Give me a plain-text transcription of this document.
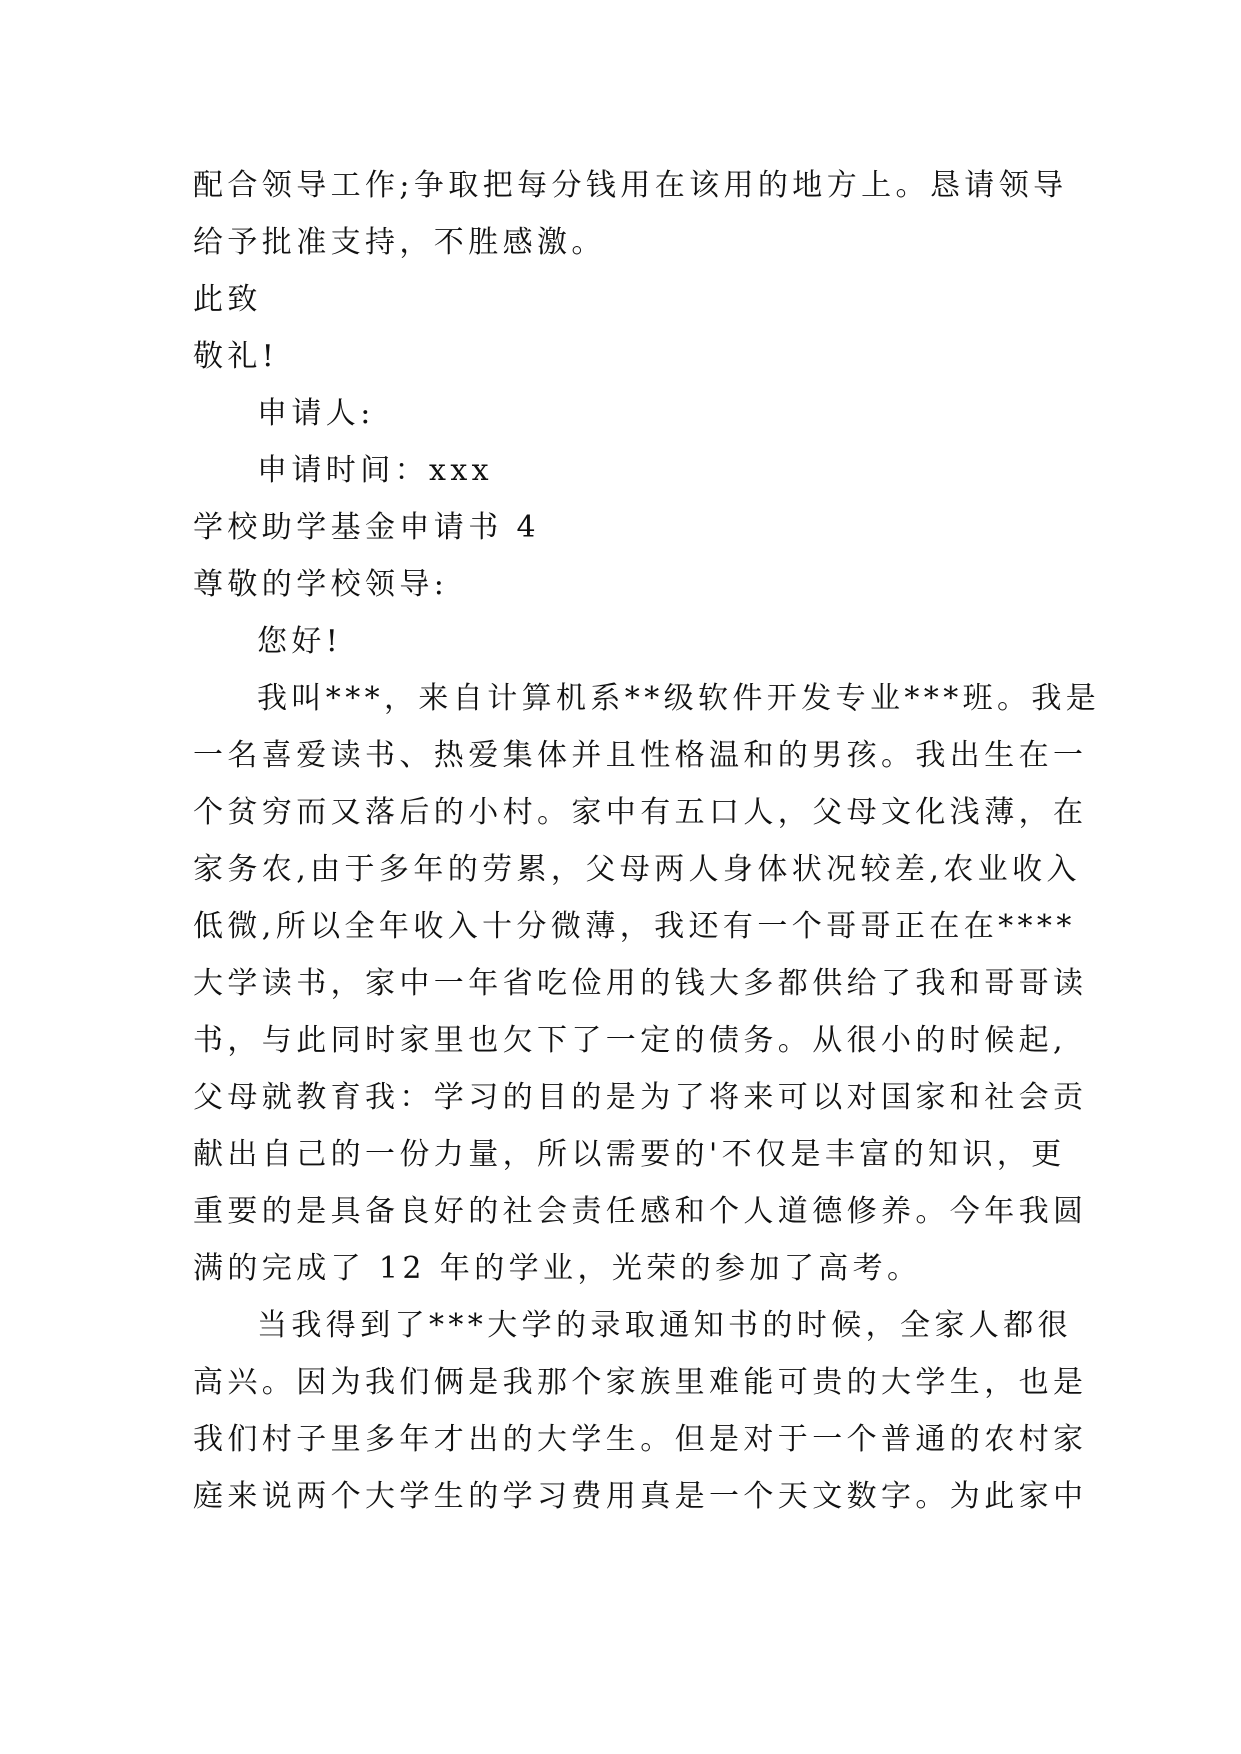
配合领导工作;争取把每分钱用在该用的地方上。恳请领导
给予批准支持，不胜感激。
此致
敬礼!
申请人:
申请时间：xxx
学校助学基金申请书 4
尊敬的学校领导:
您好!
我叫***，来自计算机系**级软件开发专业***班。我是
一名喜爱读书、热爱集体并且性格温和的男孩。我出生在一
个贫穷而又落后的小村。家中有五口人，父母文化浅薄，在
家务农,由于多年的劳累，父母两人身体状况较差,农业收入
低微,所以全年收入十分微薄，我还有一个哥哥正在在****
大学读书，家中一年省吃俭用的钱大多都供给了我和哥哥读
书，与此同时家里也欠下了一定的债务。从很小的时候起,
父母就教育我：学习的目的是为了将来可以对国家和社会贡
献出自己的一份力量，所以需要的'不仅是丰富的知识，更
重要的是具备良好的社会责任感和个人道德修养。今年我圆
满的完成了 12 年的学业，光荣的参加了高考。
当我得到了***大学的录取通知书的时候，全家人都很
高兴。因为我们俩是我那个家族里难能可贵的大学生，也是
我们村子里多年才出的大学生。但是对于一个普通的农村家
庭来说两个大学生的学习费用真是一个天文数字。为此家中
